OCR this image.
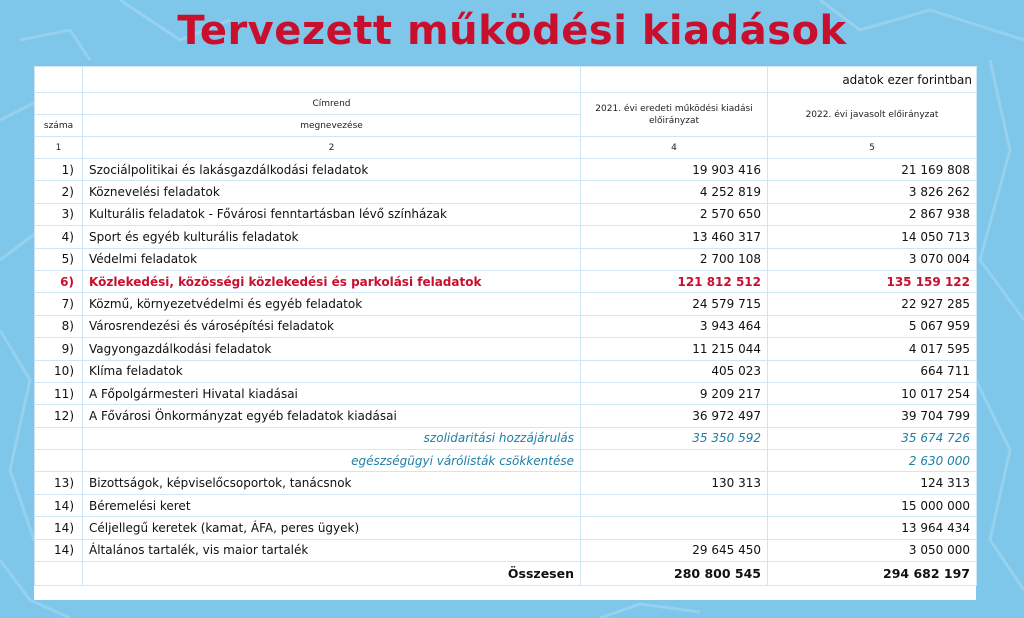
Tervezett működési kiadások
			adatok ezer forintban
	Címrend	2021. évi eredeti működési kiadási előirányzat	2022. évi javasolt előirányzat
száma	megnevezése		
1	2	4	5
1)	Szociálpolitikai és lakásgazdálkodási feladatok	19 903 416	21 169 808
2)	Köznevelési feladatok	4 252 819	3 826 262
3)	Kulturális feladatok - Fővárosi fenntartásban lévő színházak	2 570 650	2 867 938
4)	Sport és egyéb kulturális feladatok	13 460 317	14 050 713
5)	Védelmi feladatok	2 700 108	3 070 004
6)	Közlekedési, közösségi közlekedési és parkolási feladatok	121 812 512	135 159 122
7)	Közmű, környezetvédelmi és egyéb feladatok	24 579 715	22 927 285
8)	Városrendezési és városépítési feladatok	3 943 464	5 067 959
9)	Vagyongazdálkodási feladatok	11 215 044	4 017 595
10)	Klíma feladatok	405 023	664 711
11)	A Főpolgármesteri Hivatal kiadásai	9 209 217	10 017 254
12)	A Fővárosi Önkormányzat egyéb feladatok kiadásai	36 972 497	39 704 799
	szolidaritási hozzájárulás	35 350 592	35 674 726
	egészségügyi várólisták csökkentése		2 630 000
13)	Bizottságok, képviselőcsoportok, tanácsnok	130 313	124 313
14)	Béremelési keret		15 000 000
14)	Céljellegű keretek (kamat, ÁFA, peres ügyek)		13 964 434
14)	Általános tartalék, vis maior tartalék	29 645 450	3 050 000
	Összesen	280 800 545	294 682 197
